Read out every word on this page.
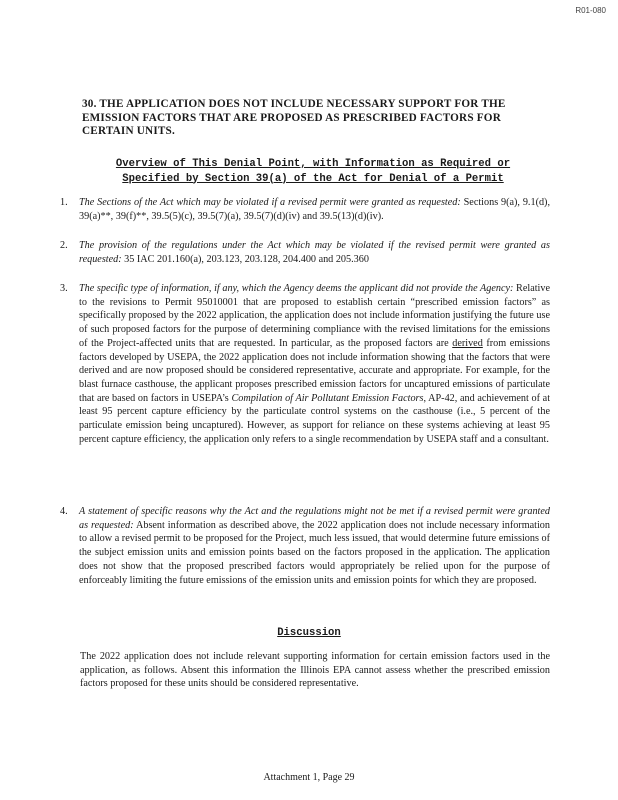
R01-080

30. THE APPLICATION DOES NOT INCLUDE NECESSARY SUPPORT FOR THE EMISSION FACTORS THAT ARE PROPOSED AS PRESCRIBED FACTORS FOR CERTAIN UNITS.

Overview of This Denial Point, with Information as Required or Specified by Section 39(a) of the Act for Denial of a Permit

1.	The Sections of the Act which may be violated if a revised permit were granted as requested: Sections 9(a), 9.1(d), 39(a)**, 39(f)**, 39.5(5)(c), 39.5(7)(a), 39.5(7)(d)(iv) and 39.5(13)(d)(iv).
2.	The provision of the regulations under the Act which may be violated if the revised permit were granted as requested: 35 IAC 201.160(a), 203.123, 203.128, 204.400 and 205.360
3.	The specific type of information, if any, which the Agency deems the applicant did not provide the Agency: Relative to the revisions to Permit 95010001 that are proposed to establish certain “prescribed emission factors” as specifically proposed by the 2022 application, the application does not include information justifying the future use of such proposed factors for the purpose of determining compliance with the revised limitations for the emissions of the Project-affected units that are requested. In particular, as the proposed factors are derived from emissions factors developed by USEPA, the 2022 application does not include information showing that the factors that were derived and are now proposed should be considered representative, accurate and appropriate. For example, for the blast furnace casthouse, the applicant proposes prescribed emission factors for uncaptured emissions of particulate that are based on factors in USEPA’s Compilation of Air Pollutant Emission Factors, AP-42, and achievement of at least 95 percent capture efficiency by the particulate control systems on the casthouse (i.e., 5 percent of the particulate emission being uncaptured). However, as support for reliance on these systems achieving at least 95 percent capture efficiency, the application only refers to a single recommendation by USEPA staff and a consultant.
4.	A statement of specific reasons why the Act and the regulations might not be met if a revised permit were granted as requested: Absent information as described above, the 2022 application does not include necessary information to allow a revised permit to be proposed for the Project, much less issued, that would determine future emissions of the subject emission units and emission points based on the factors proposed in the application. The application does not show that the proposed prescribed factors would appropriately be relied upon for the purpose of enforceably limiting the future emissions of the emission units and emission points for which they are proposed.

Discussion

The 2022 application does not include relevant supporting information for certain emission factors used in the application, as follows. Absent this information the Illinois EPA cannot assess whether the prescribed emission factors proposed for these units should be considered representative.

Attachment 1, Page 29
